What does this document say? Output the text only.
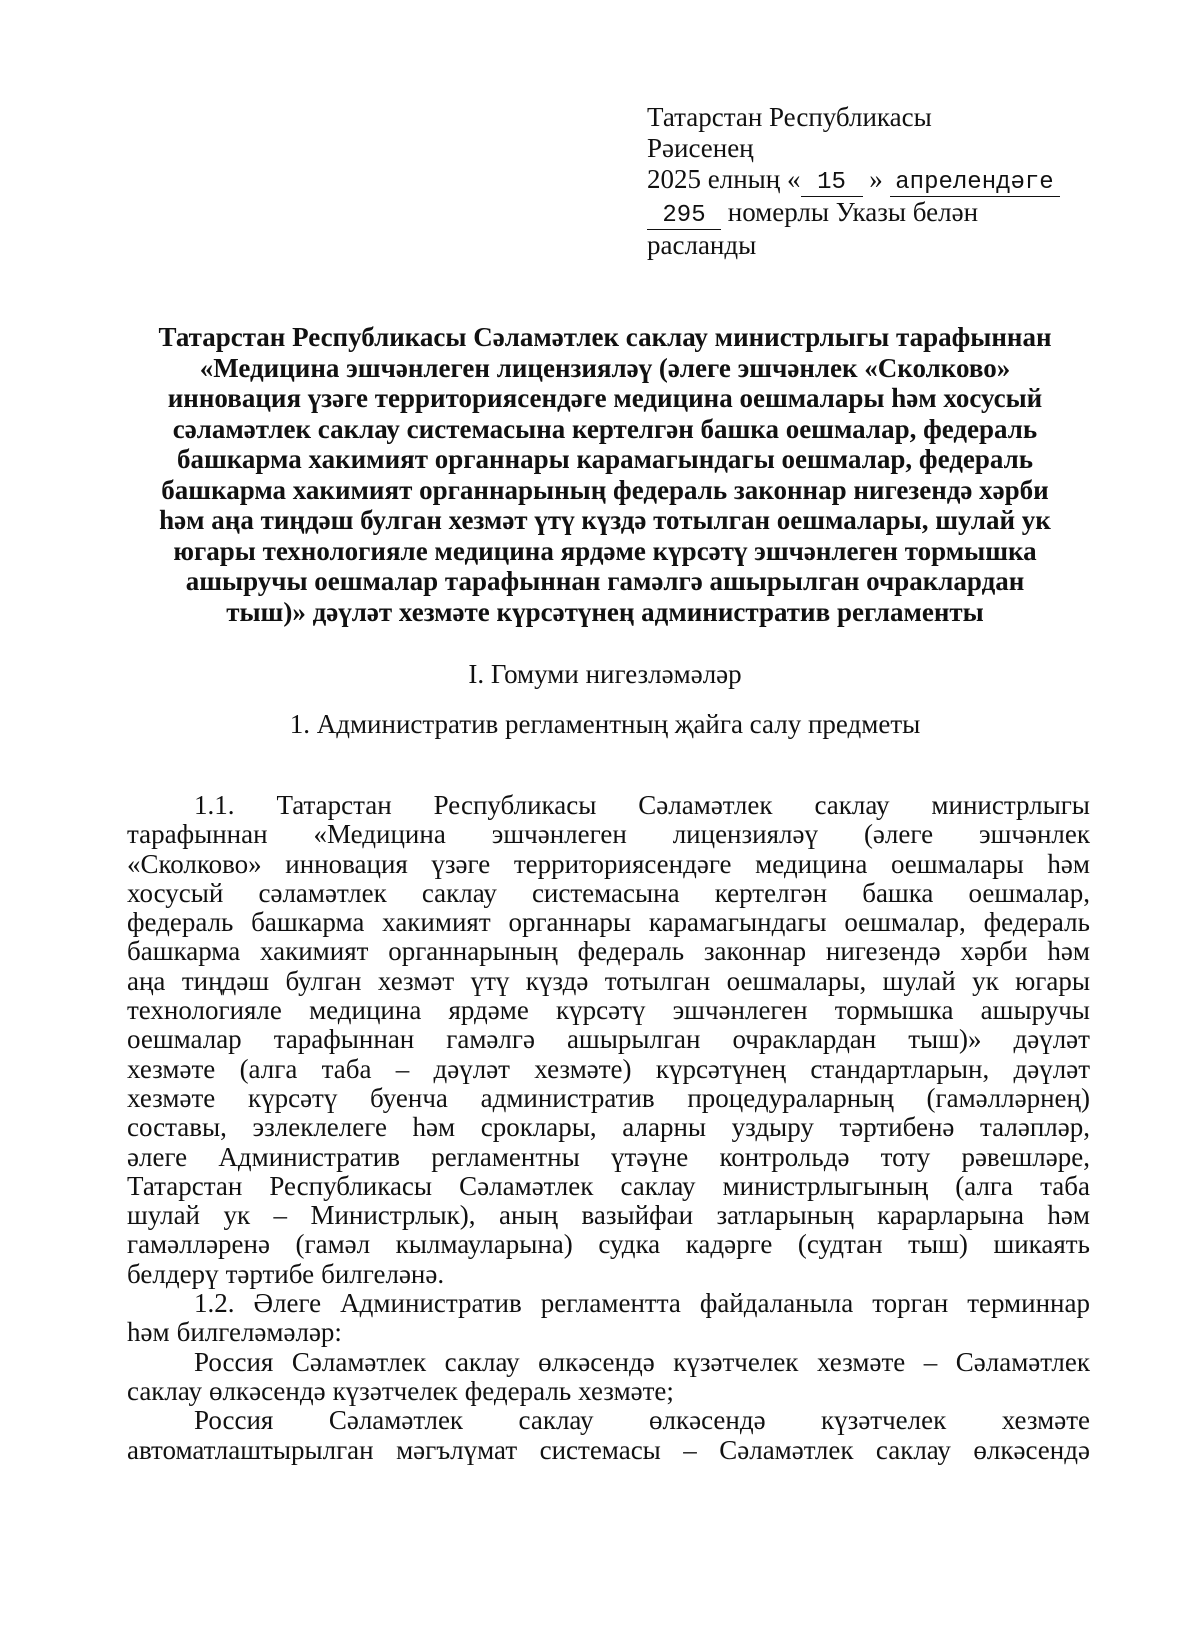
Татарстан Республикасы
Рәисенең
2025 елның « 15 » апрелендәге
295 номерлы Указы белән
расланды
Татарстан Республикасы Сәламәтлек саклау министрлыгы тарафыннан
«Медицина эшчәнлеген лицензияләү (әлеге эшчәнлек «Сколково»
инновация үзәге территориясендәге медицина оешмалары һәм хосусый
сәламәтлек саклау системасына кертелгән башка оешмалар, федераль
башкарма хакимият органнары карамагындагы оешмалар, федераль
башкарма хакимият органнарының федераль законнар нигезендә хәрби
һәм аңа тиңдәш булган хезмәт үтү күздә тотылган оешмалары, шулай ук
югары технологияле медицина ярдәме күрсәтү эшчәнлеген тормышка
ашыручы оешмалар тарафыннан гамәлгә ашырылган очраклардан
тыш)» дәүләт хезмәте күрсәтүнең административ регламенты
I. Гомуми нигезләмәләр
1. Административ регламентның җайга салу предметы
1.1. Татарстан Республикасы Сәламәтлек саклау министрлыгы
тарафыннан «Медицина эшчәнлеген лицензияләү (әлеге эшчәнлек
«Сколково» инновация үзәге территориясендәге медицина оешмалары һәм
хосусый сәламәтлек саклау системасына кертелгән башка оешмалар,
федераль башкарма хакимият органнары карамагындагы оешмалар, федераль
башкарма хакимият органнарының федераль законнар нигезендә хәрби һәм
аңа тиңдәш булган хезмәт үтү күздә тотылган оешмалары, шулай ук югары
технологияле медицина ярдәме күрсәтү эшчәнлеген тормышка ашыручы
оешмалар тарафыннан гамәлгә ашырылган очраклардан тыш)» дәүләт
хезмәте (алга таба – дәүләт хезмәте) күрсәтүнең стандартларын, дәүләт
хезмәте күрсәтү буенча административ процедураларның (гамәлләрнең)
составы, эзлеклелеге һәм сроклары, аларны уздыру тәртибенә таләпләр,
әлеге Административ регламентны үтәүне контрольдә тоту рәвешләре,
Татарстан Республикасы Сәламәтлек саклау министрлыгының (алга таба
шулай ук – Министрлык), аның вазыйфаи затларының карарларына һәм
гамәлләренә (гамәл кылмауларына) судка кадәрге (судтан тыш) шикаять
белдерү тәртибе билгеләнә.
1.2. Әлеге Административ регламентта файдаланыла торган терминнар
һәм билгеләмәләр:
Россия Сәламәтлек саклау өлкәсендә күзәтчелек хезмәте – Сәламәтлек
саклау өлкәсендә күзәтчелек федераль хезмәте;
Россия Сәламәтлек саклау өлкәсендә күзәтчелек хезмәте
автоматлаштырылган мәгълүмат системасы – Сәламәтлек саклау өлкәсендә
